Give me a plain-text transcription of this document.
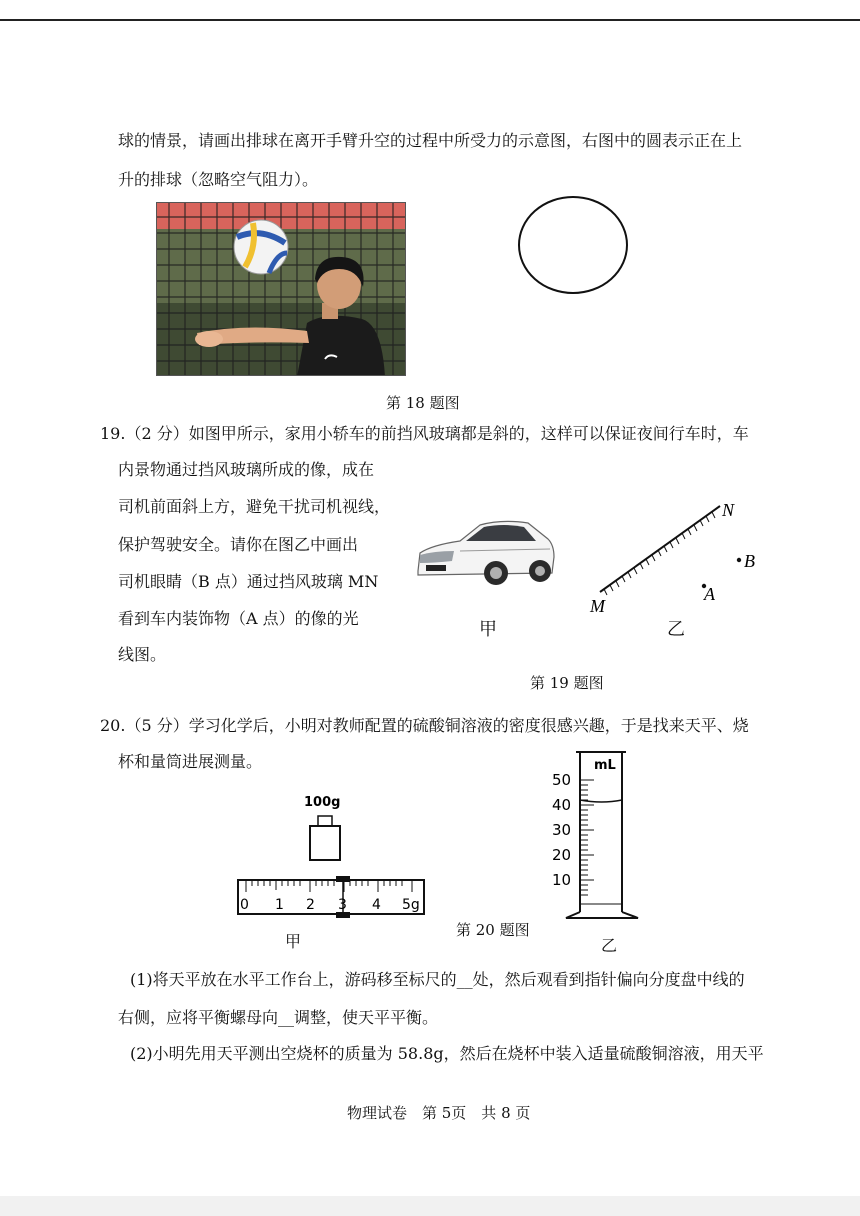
球的情景，请画出排球在离开手臂升空的过程中所受力的示意图，右图中的圆表示正在上
升的排球（忽略空气阻力）。
第 18 题图
19.（2 分）如图甲所示，家用小轿车的前挡风玻璃都是斜的，这样可以保证夜间行车时，车
内景物通过挡风玻璃所成的像，成在
司机前面斜上方，避免干扰司机视线，
保护驾驶安全。请你在图乙中画出
司机眼睛（B 点）通过挡风玻璃 MN
看到车内装饰物（A 点）的像的光
线图。
N
M
A
B
甲	乙
第 19 题图
20.（5 分）学习化学后，小明对教师配置的硫酸铜溶液的密度很感兴趣，于是找来天平、烧
杯和量筒进展测量。
100g
0 1 2 3 4 5g
甲
第 20 题图
mL
50
40
30
20
10
乙
(1)将天平放在水平工作台上，游码移至标尺的__处，然后观看到指针偏向分度盘中线的
右侧，应将平衡螺母向__调整，使天平平衡。
(2)小明先用天平测出空烧杯的质量为 58.8g，然后在烧杯中装入适量硫酸铜溶液，用天平
物理试卷　第 5页　共 8 页
